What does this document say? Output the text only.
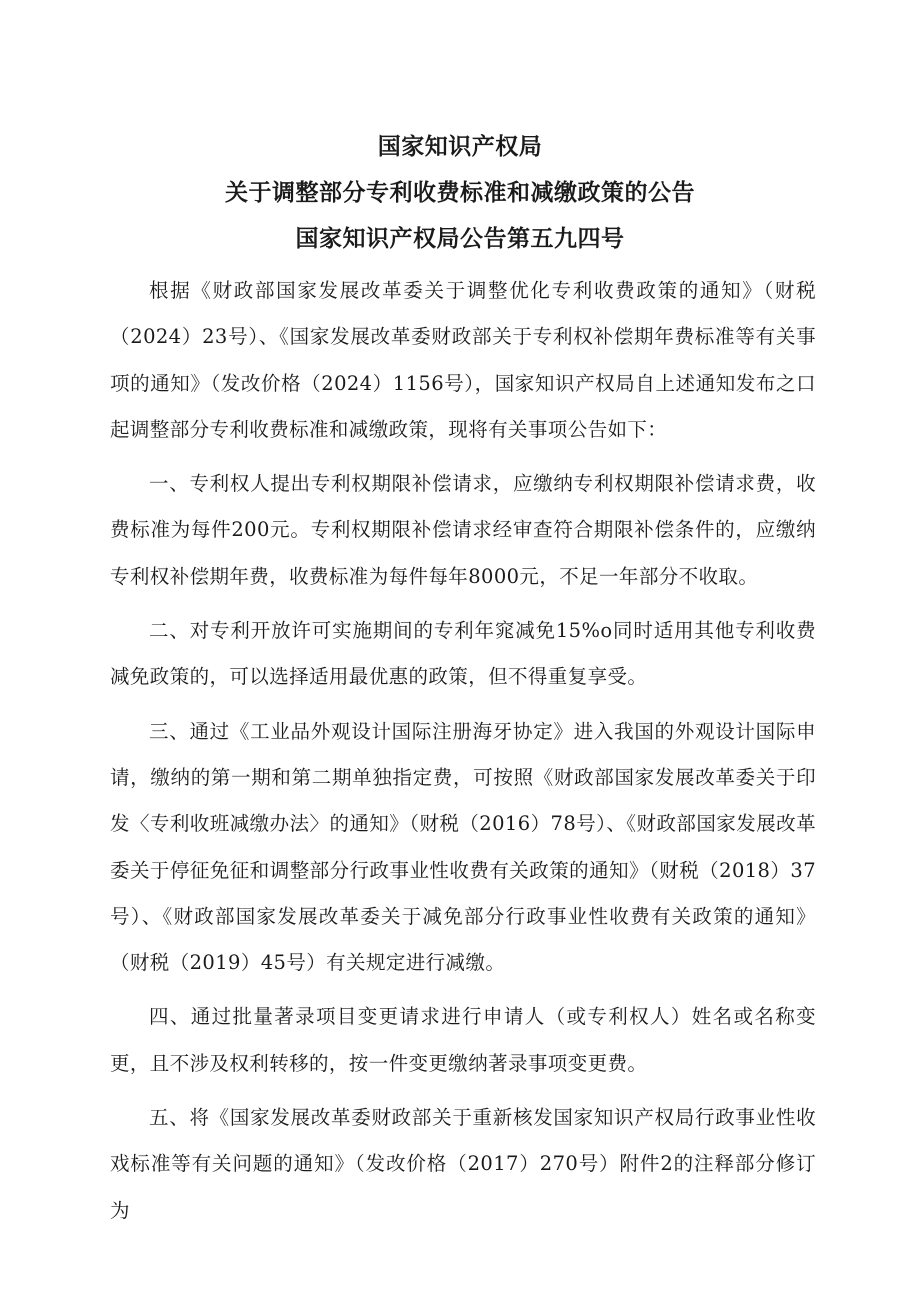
国家知识产权局
关于调整部分专利收费标准和减缴政策的公告
国家知识产权局公告第五九四号

根据《财政部国家发展改革委关于调整优化专利收费政策的通知》（财税（2024）23号）、《国家发展改革委财政部关于专利权补偿期年费标准等有关事项的通知》（发改价格（2024）1156号），国家知识产权局自上述通知发布之口起调整部分专利收费标准和减缴政策，现将有关事项公告如下：

一、专利权人提出专利权期限补偿请求，应缴纳专利权期限补偿请求费，收费标准为每件200元。专利权期限补偿请求经审查符合期限补偿条件的，应缴纳专利权补偿期年费，收费标准为每件每年8000元，不足一年部分不收取。

二、对专利开放许可实施期间的专利年窕减免15%o同时适用其他专利收费减免政策的，可以选择适用最优惠的政策，但不得重复享受。

三、通过《工业品外观设计国际注册海牙协定》进入我国的外观设计国际申请，缴纳的第一期和第二期单独指定费，可按照《财政部国家发展改革委关于印发〈专利收班减缴办法〉的通知》（财税（2016）78号）、《财政部国家发展改革委关于停征免征和调整部分行政事业性收费有关政策的通知》（财税（2018）37号）、《财政部国家发展改革委关于减免部分行政事业性收费有关政策的通知》（财税（2019）45号）有关规定进行减缴。

四、通过批量著录项目变更请求进行申请人（或专利权人）姓名或名称变更，且不涉及权利转移的，按一件变更缴纳著录事项变更费。

五、将《国家发展改革委财政部关于重新核发国家知识产权局行政事业性收戏标准等有关问题的通知》（发改价格（2017）270号）附件2的注释部分修订为
